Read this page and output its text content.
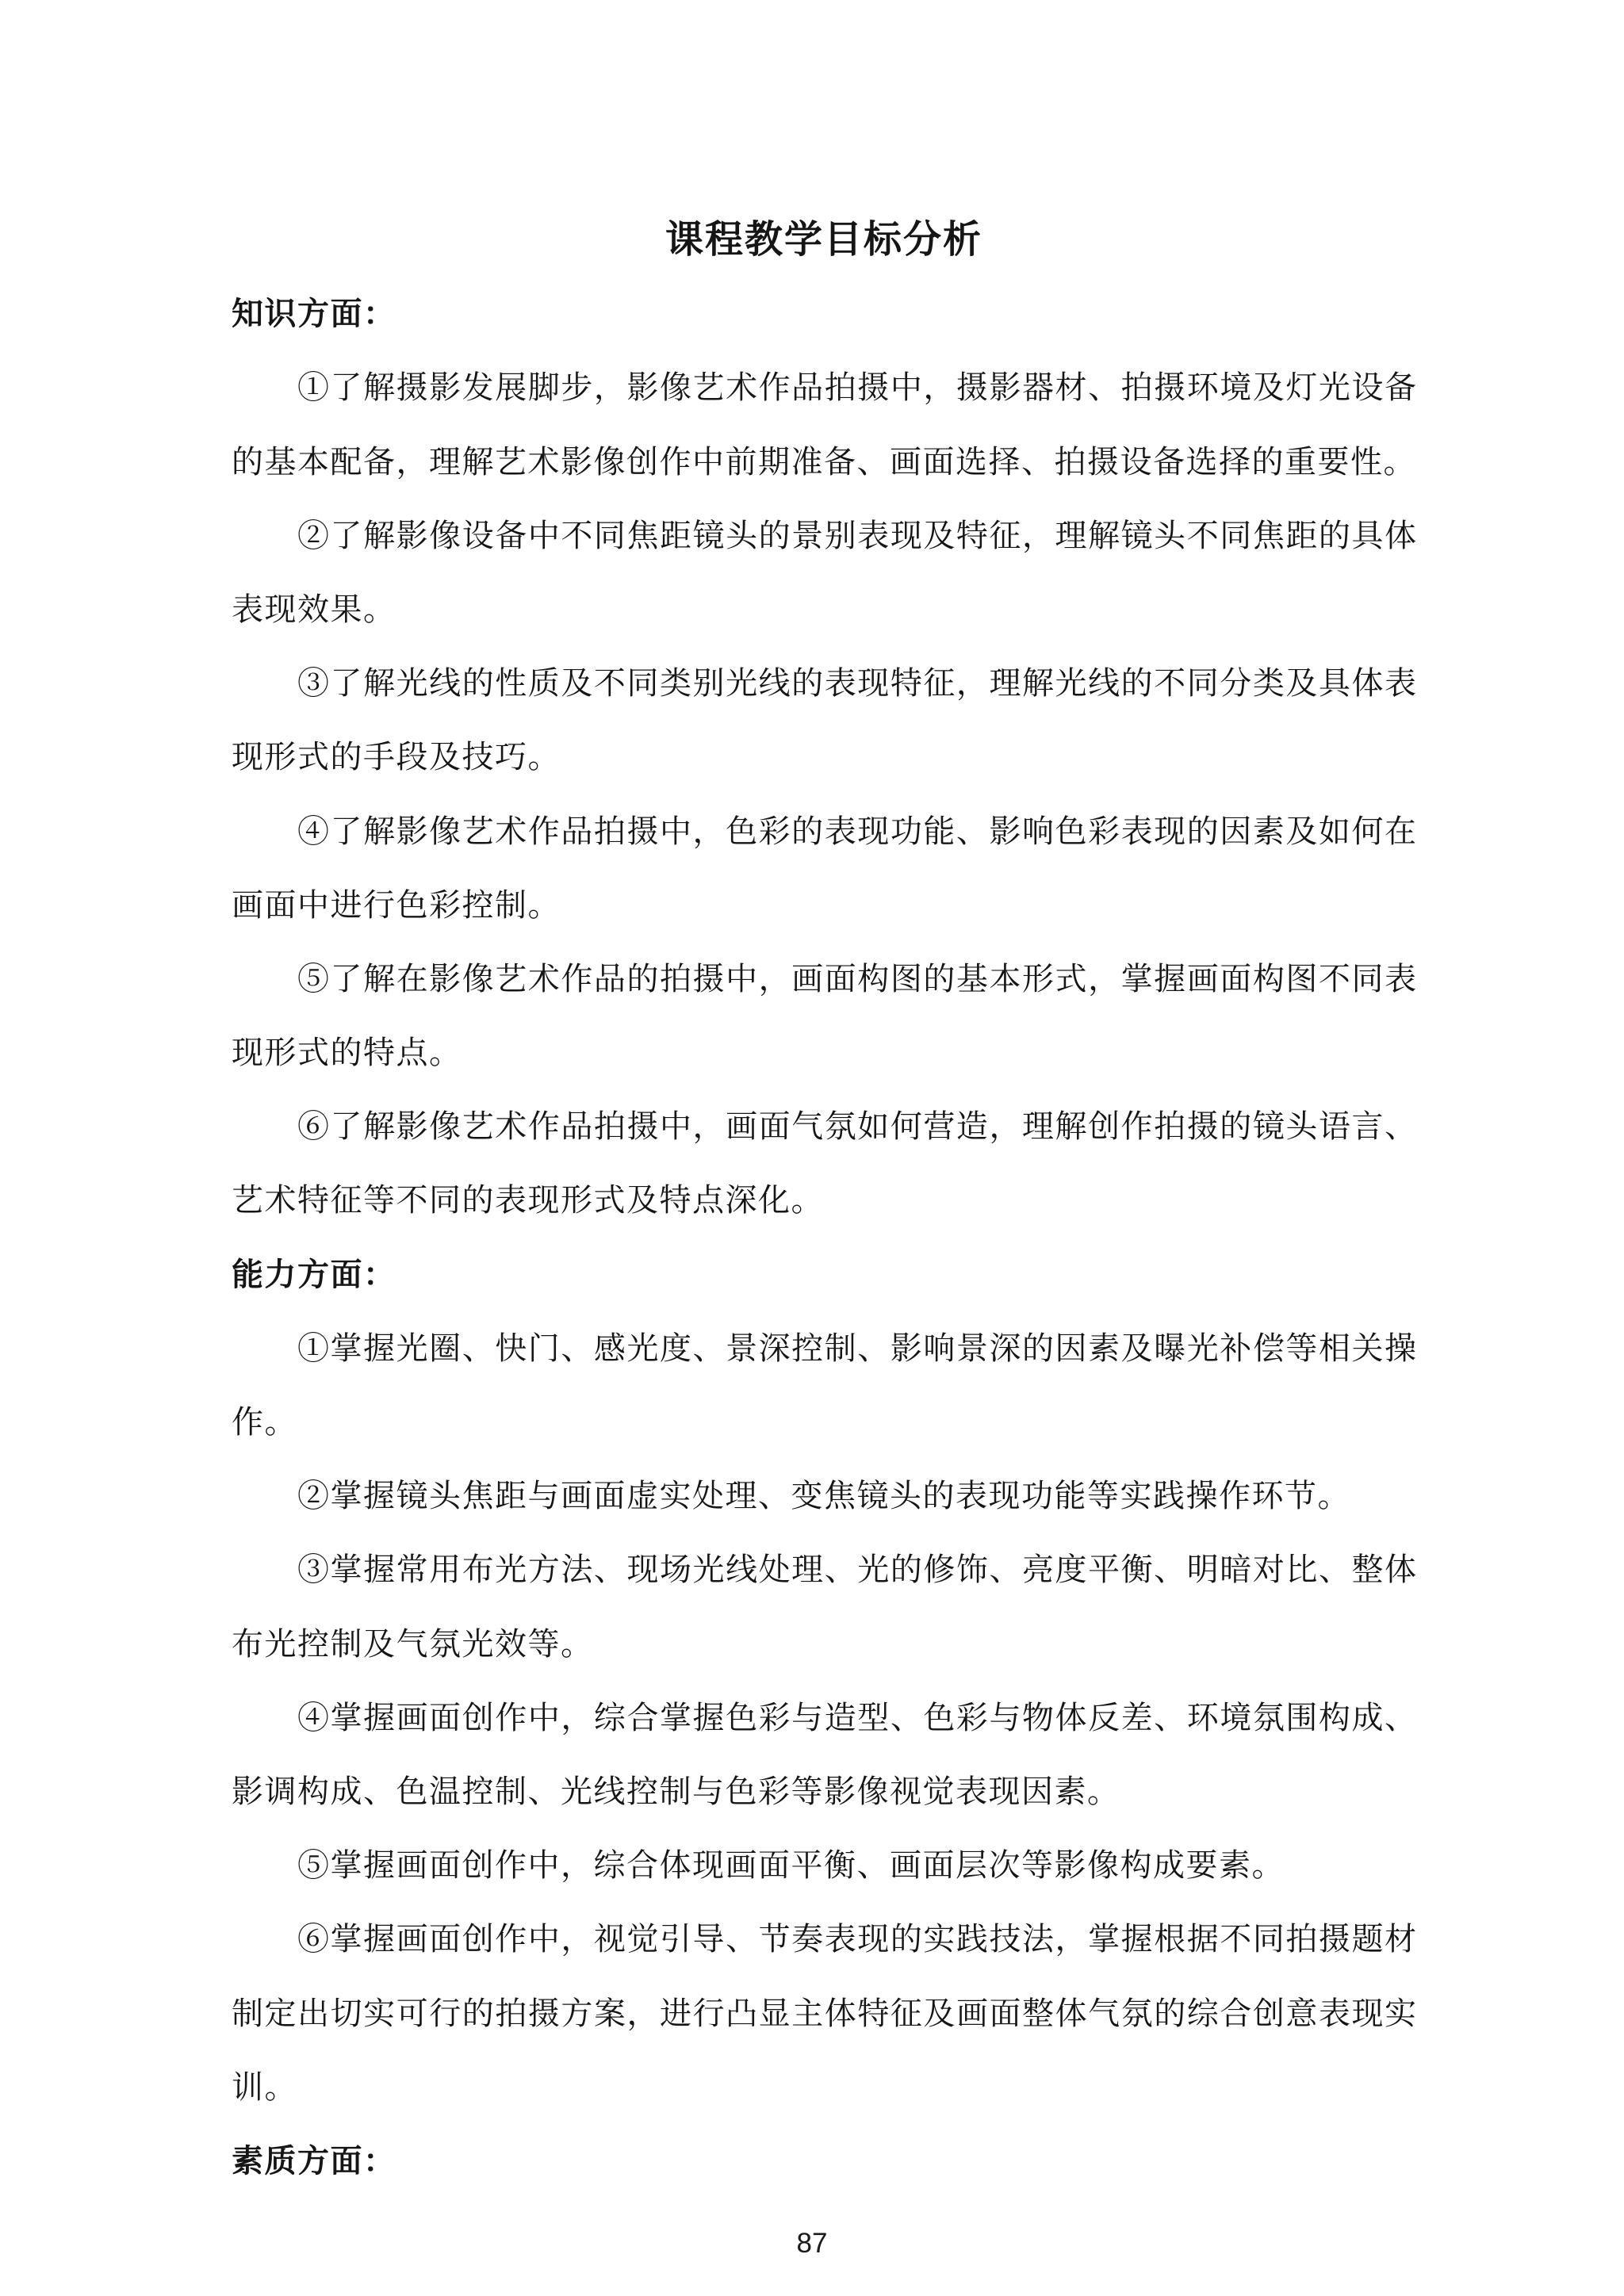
课程教学目标分析
知识方面：
①了解摄影发展脚步，影像艺术作品拍摄中，摄影器材、拍摄环境及灯光设备
的基本配备，理解艺术影像创作中前期准备、画面选择、拍摄设备选择的重要性。
②了解影像设备中不同焦距镜头的景别表现及特征，理解镜头不同焦距的具体
表现效果。
③了解光线的性质及不同类别光线的表现特征，理解光线的不同分类及具体表
现形式的手段及技巧。
④了解影像艺术作品拍摄中，色彩的表现功能、影响色彩表现的因素及如何在
画面中进行色彩控制。
⑤了解在影像艺术作品的拍摄中，画面构图的基本形式，掌握画面构图不同表
现形式的特点。
⑥了解影像艺术作品拍摄中，画面气氛如何营造，理解创作拍摄的镜头语言、
艺术特征等不同的表现形式及特点深化。
能力方面：
①掌握光圈、快门、感光度、景深控制、影响景深的因素及曝光补偿等相关操
作。
②掌握镜头焦距与画面虚实处理、变焦镜头的表现功能等实践操作环节。
③掌握常用布光方法、现场光线处理、光的修饰、亮度平衡、明暗对比、整体
布光控制及气氛光效等。
④掌握画面创作中，综合掌握色彩与造型、色彩与物体反差、环境氛围构成、
影调构成、色温控制、光线控制与色彩等影像视觉表现因素。
⑤掌握画面创作中，综合体现画面平衡、画面层次等影像构成要素。
⑥掌握画面创作中，视觉引导、节奏表现的实践技法，掌握根据不同拍摄题材
制定出切实可行的拍摄方案，进行凸显主体特征及画面整体气氛的综合创意表现实
训。
素质方面：
87
